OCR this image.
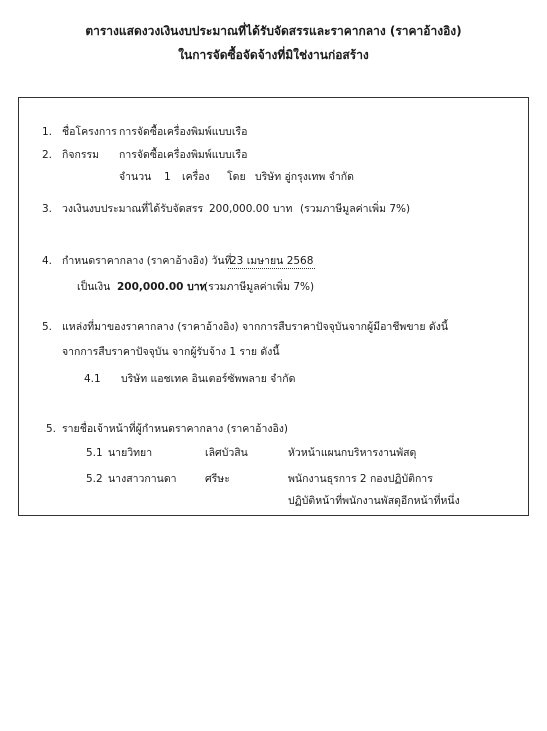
ตารางแสดงวงเงินงบประมาณที่ได้รับจัดสรรและราคากลาง (ราคาอ้างอิง)
ในการจัดซื้อจัดจ้างที่มิใช่งานก่อสร้าง
1. ชื่อโครงการ การจัดซื้อเครื่องพิมพ์แบบเรือ
2. กิจกรรม การจัดซื้อเครื่องพิมพ์แบบเรือ
จำนวน 1 เครื่อง โดย บริษัท อู่กรุงเทพ จำกัด
3. วงเงินงบประมาณที่ได้รับจัดสรร 200,000.00 บาท (รวมภาษีมูลค่าเพิ่ม 7%)
4. กำหนดราคากลาง (ราคาอ้างอิง) วันที่
23 เมษายน 2568
เป็นเงิน 200,000.00 บาท
(รวมภาษีมูลค่าเพิ่ม 7%)
5. แหล่งที่มาของราคากลาง (ราคาอ้างอิง) จากการสืบราคาปัจจุบันจากผู้มีอาชีพขาย ดังนี้
จากการสืบราคาปัจจุบัน จากผู้รับจ้าง 1 ราย ดังนี้
4.1 บริษัท แอชเทค อินเตอร์ซัพพลาย จำกัด
5. รายชื่อเจ้าหน้าที่ผู้กำหนดราคากลาง (ราคาอ้างอิง)
5.1 นายวิทยา	เลิศบัวสิน	หัวหน้าแผนกบริหารงานพัสดุ
5.2 นางสาวกานดา	ศรีษะ	พนักงานธุรการ 2 กองปฏิบัติการ
ปฏิบัติหน้าที่พนักงานพัสดุอีกหน้าที่หนึ่ง
